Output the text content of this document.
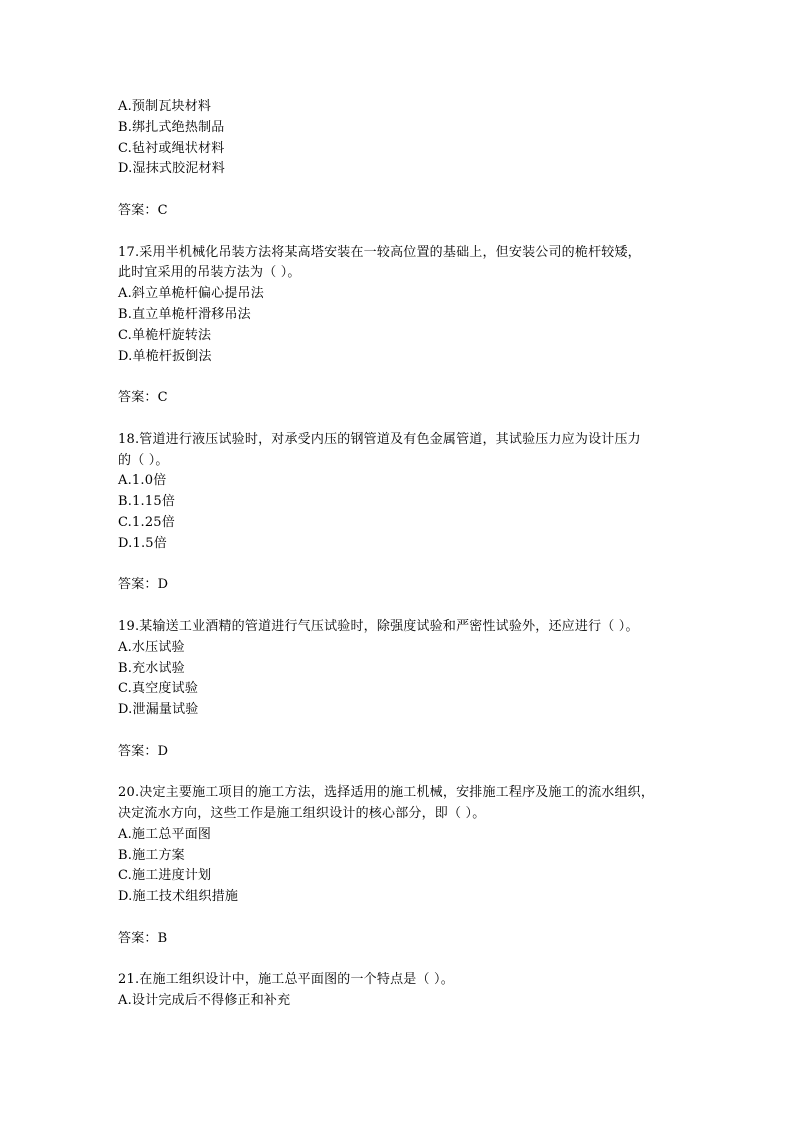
A.预制瓦块材料
B.绑扎式绝热制品
C.毡衬或绳状材料
D.湿抹式胶泥材料
答案：C
17.采用半机械化吊装方法将某高塔安装在一较高位置的基础上，但安装公司的桅杆较矮，
此时宜采用的吊装方法为（ ）。
A.斜立单桅杆偏心提吊法
B.直立单桅杆滑移吊法
C.单桅杆旋转法
D.单桅杆扳倒法
答案：C
18.管道进行液压试验时，对承受内压的钢管道及有色金属管道，其试验压力应为设计压力
的（ ）。
A.1.0倍
B.1.15倍
C.1.25倍
D.1.5倍
答案：D
19.某输送工业酒精的管道进行气压试验时，除强度试验和严密性试验外，还应进行（ ）。
A.水压试验
B.充水试验
C.真空度试验
D.泄漏量试验
答案：D
20.决定主要施工项目的施工方法，选择适用的施工机械，安排施工程序及施工的流水组织，
决定流水方向，这些工作是施工组织设计的核心部分，即（ ）。
A.施工总平面图
B.施工方案
C.施工进度计划
D.施工技术组织措施
答案：B
21.在施工组织设计中，施工总平面图的一个特点是（ ）。
A.设计完成后不得修正和补充
